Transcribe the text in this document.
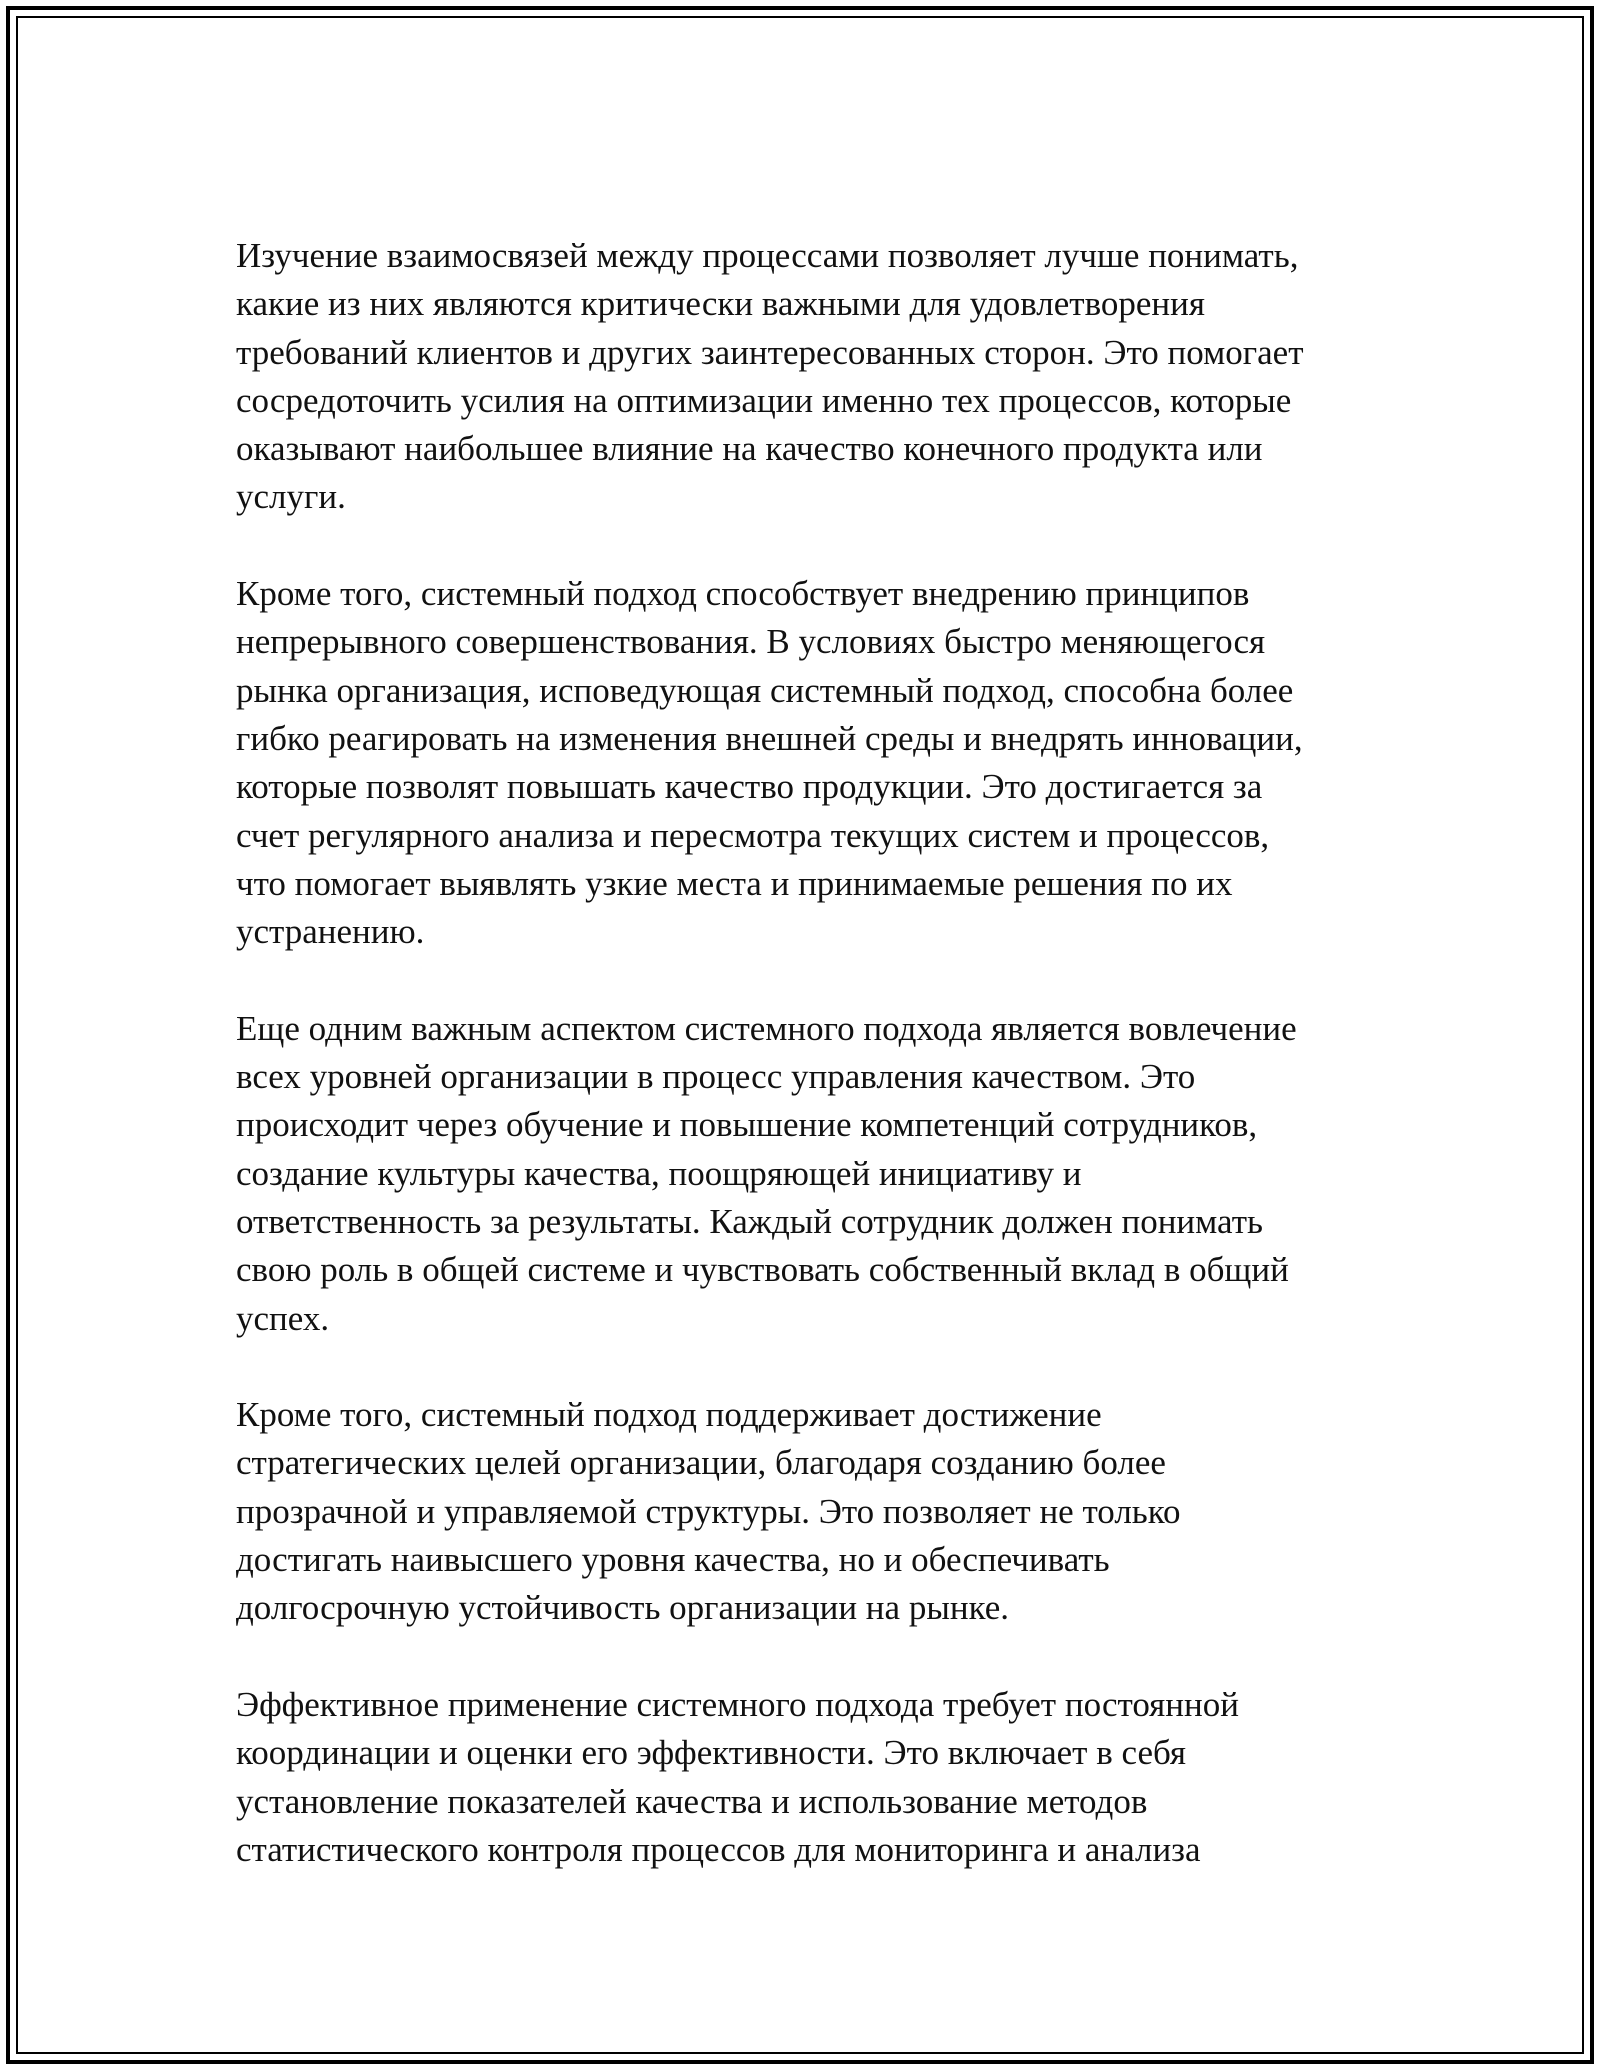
Изучение взаимосвязей между процессами позволяет лучше понимать,
какие из них являются критически важными для удовлетворения
требований клиентов и других заинтересованных сторон. Это помогает
сосредоточить усилия на оптимизации именно тех процессов, которые
оказывают наибольшее влияние на качество конечного продукта или
услуги.

Кроме того, системный подход способствует внедрению принципов
непрерывного совершенствования. В условиях быстро меняющегося
рынка организация, исповедующая системный подход, способна более
гибко реагировать на изменения внешней среды и внедрять инновации,
которые позволят повышать качество продукции. Это достигается за
счет регулярного анализа и пересмотра текущих систем и процессов,
что помогает выявлять узкие места и принимаемые решения по их
устранению.

Еще одним важным аспектом системного подхода является вовлечение
всех уровней организации в процесс управления качеством. Это
происходит через обучение и повышение компетенций сотрудников,
создание культуры качества, поощряющей инициативу и
ответственность за результаты. Каждый сотрудник должен понимать
свою роль в общей системе и чувствовать собственный вклад в общий
успех.

Кроме того, системный подход поддерживает достижение
стратегических целей организации, благодаря созданию более
прозрачной и управляемой структуры. Это позволяет не только
достигать наивысшего уровня качества, но и обеспечивать
долгосрочную устойчивость организации на рынке.

Эффективное применение системного подхода требует постоянной
координации и оценки его эффективности. Это включает в себя
установление показателей качества и использование методов
статистического контроля процессов для мониторинга и анализа
